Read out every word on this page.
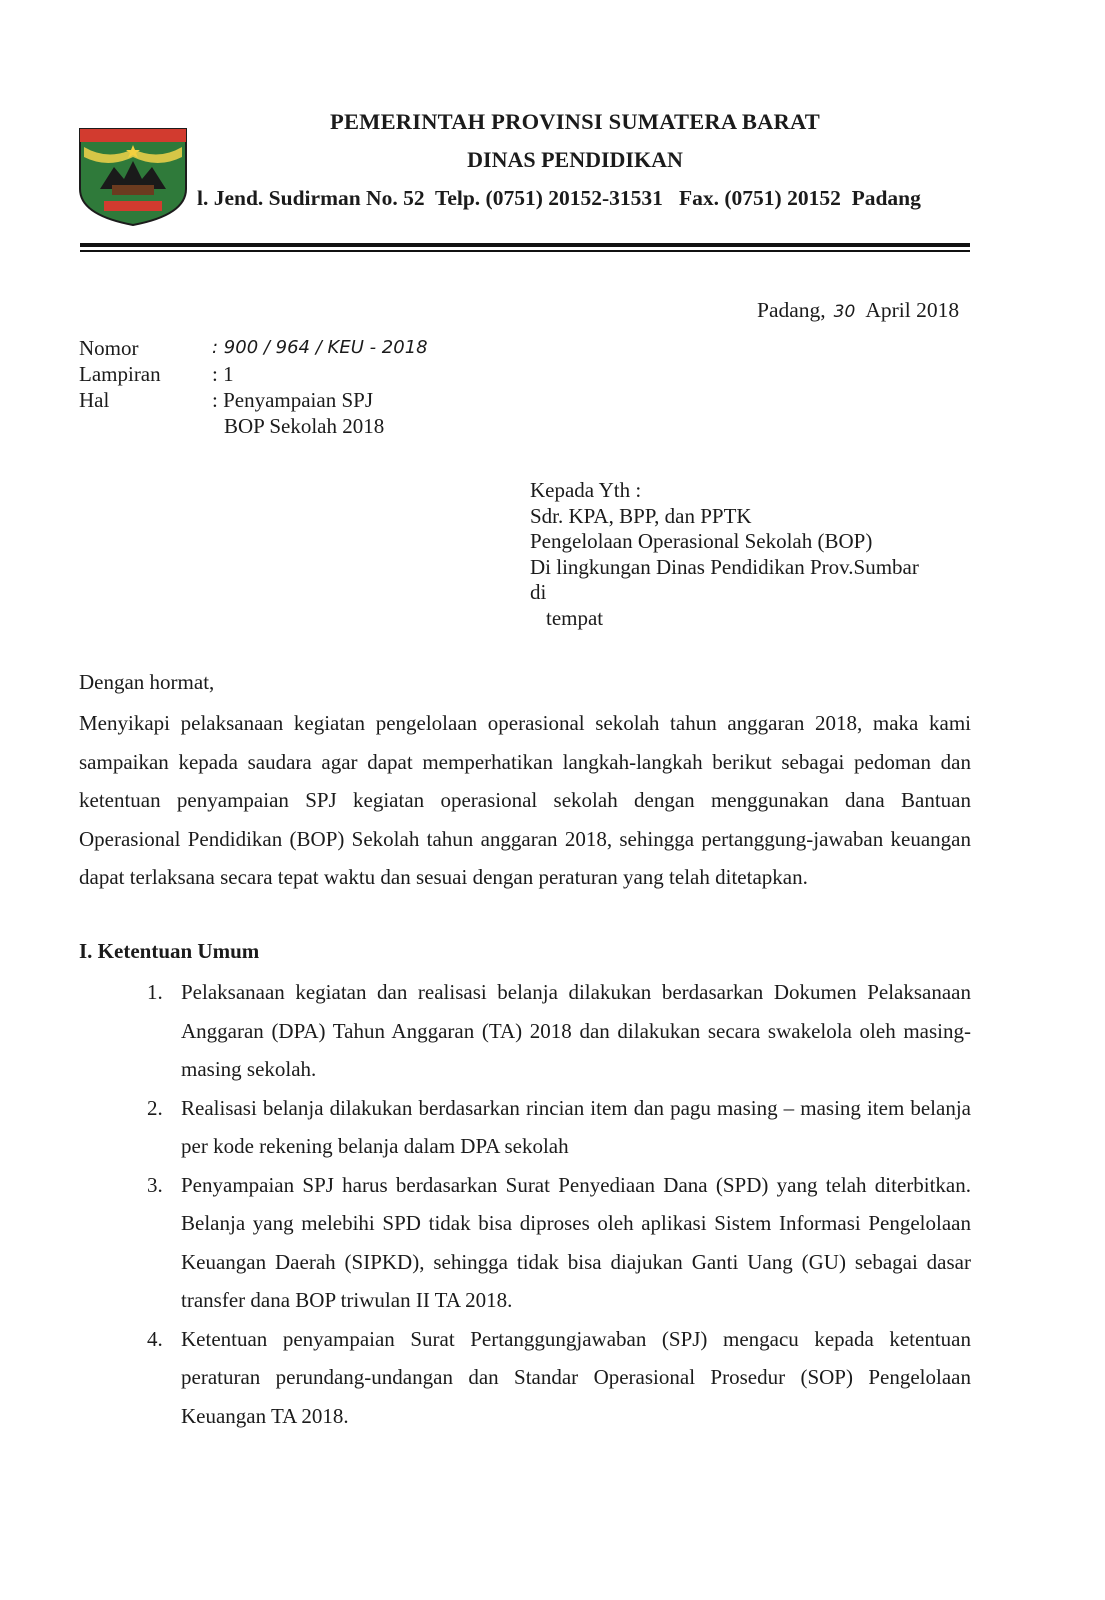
PEMERINTAH PROVINSI SUMATERA BARAT
DINAS PENDIDIKAN
l. Jend. Sudirman No. 52  Telp. (0751) 20152-31531   Fax. (0751) 20152  Padang
Padang, 30 April 2018
Nomor	: 900 / 964 / KEU - 2018
Lampiran : 1
Hal	: Penyampaian SPJ
BOP Sekolah 2018
Kepada Yth :
Sdr. KPA, BPP, dan PPTK
Pengelolaan Operasional Sekolah (BOP)
Di lingkungan Dinas Pendidikan Prov.Sumbar
di
tempat
Dengan hormat,

Menyikapi pelaksanaan kegiatan pengelolaan operasional sekolah tahun anggaran 2018, maka kami sampaikan kepada saudara agar dapat memperhatikan langkah-langkah berikut sebagai pedoman dan ketentuan penyampaian SPJ kegiatan operasional sekolah dengan menggunakan dana Bantuan Operasional Pendidikan (BOP) Sekolah tahun anggaran 2018, sehingga pertanggung-jawaban keuangan dapat terlaksana secara tepat waktu dan sesuai dengan peraturan yang telah ditetapkan.

I. Ketentuan Umum
1. Pelaksanaan kegiatan dan realisasi belanja dilakukan berdasarkan Dokumen Pelaksanaan Anggaran (DPA) Tahun Anggaran (TA) 2018 dan dilakukan secara swakelola oleh masing-masing sekolah.
2. Realisasi belanja dilakukan berdasarkan rincian item dan pagu masing – masing item belanja per kode rekening belanja dalam DPA sekolah
3. Penyampaian SPJ harus berdasarkan Surat Penyediaan Dana (SPD) yang telah diterbitkan. Belanja yang melebihi SPD tidak bisa diproses oleh aplikasi Sistem Informasi Pengelolaan Keuangan Daerah (SIPKD), sehingga tidak bisa diajukan Ganti Uang (GU) sebagai dasar transfer dana BOP triwulan II TA 2018.
4. Ketentuan penyampaian Surat Pertanggungjawaban (SPJ) mengacu kepada ketentuan peraturan perundang-undangan dan Standar Operasional Prosedur (SOP) Pengelolaan Keuangan TA 2018.
